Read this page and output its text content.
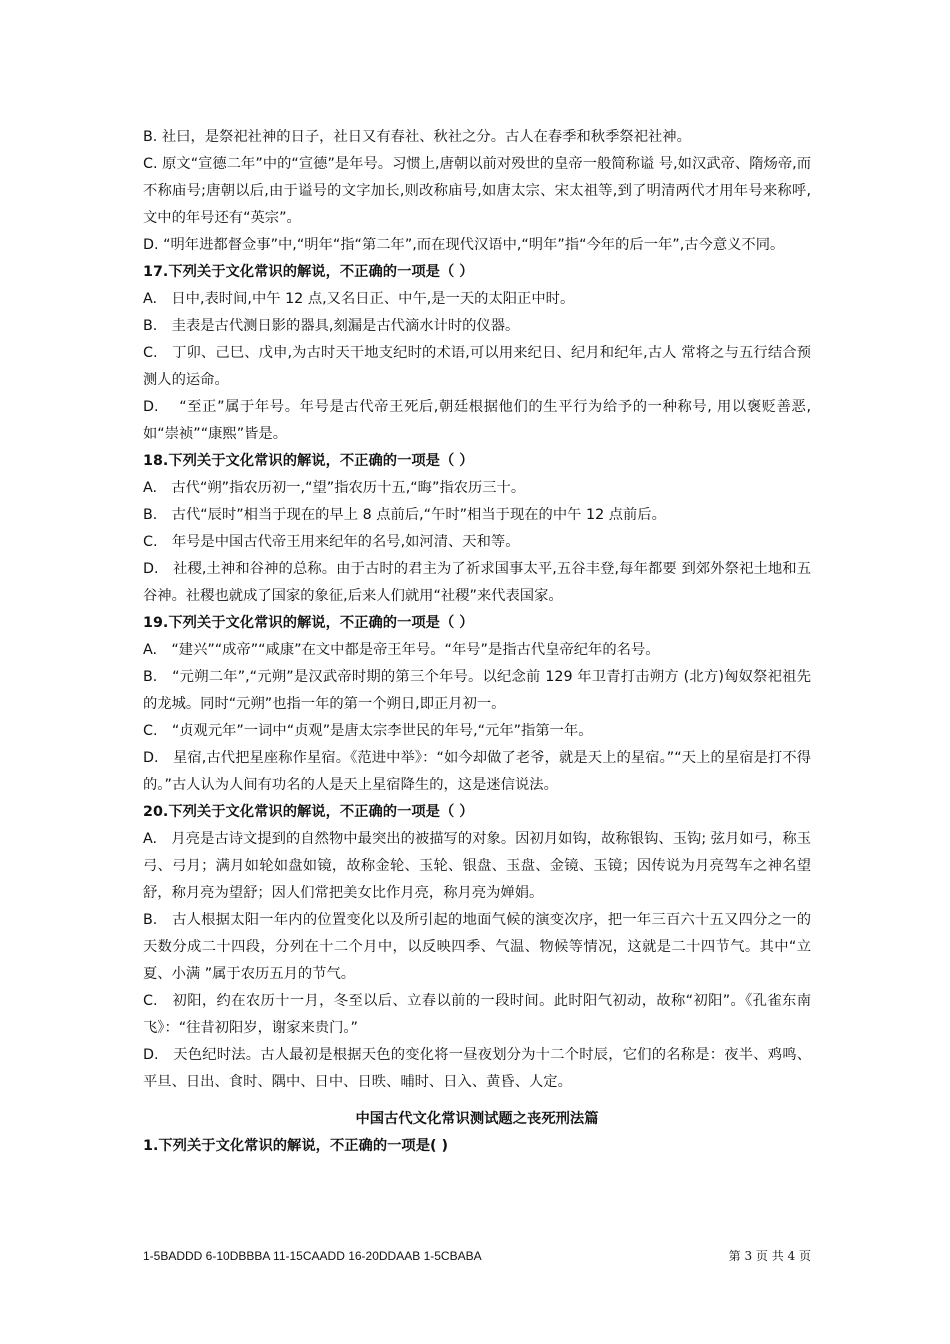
B. 社曰，是祭祀社神的日子，社日又有春社、秋社之分。古人在春季和秋季祭祀社神。

C. 原文“宣德二年”中的“宣德”是年号。习惯上,唐朝以前对殁世的皇帝一般简称谥 号,如汉武帝、隋炀帝,而不称庙号;唐朝以后,由于谥号的文字加长,则改称庙号,如唐太宗、宋太祖等,到了明清两代才用年号来称呼,文中的年号还有“英宗”。

D. “明年进都督佥事”中,“明年“指“第二年”,而在现代汉语中,“明年”指“今年的后一年”,古今意义不同。

17.下列关于文化常识的解说，不正确的一项是（ ）

A.　日中,表时间,中午 12 点,又名日正、中午,是一天的太阳正中时。

B.　圭表是古代测日影的器具,刻漏是古代滴水计时的仪器。

C.　丁卯、己巳、戊申,为古时天干地支纪时的术语,可以用来纪日、纪月和纪年,古人 常将之与五行结合预测人的运命。

D.　 “至正”属于年号。年号是古代帝王死后,朝廷根据他们的生平行为给予的一种称号, 用以褒贬善恶,如“崇祯”“康熙”皆是。

18.下列关于文化常识的解说，不正确的一项是（ ）

A.　古代“朔”指农历初一,“望”指农历十五,“晦”指农历三十。

B.　古代“辰时”相当于现在的早上 8 点前后,“午时”相当于现在的中午 12 点前后。

C.　年号是中国古代帝王用来纪年的名号,如河清、天和等。

D.　社稷,土神和谷神的总称。由于古时的君主为了祈求国事太平,五谷丰登,每年都要 到郊外祭祀土地和五谷神。社稷也就成了国家的象征,后来人们就用“社稷”来代表国家。

19.下列关于文化常识的解说，不正确的一项是（ ）

A.　“建兴”“成帝”“咸康”在文中都是帝王年号。“年号”是指古代皇帝纪年的名号。

B.　“元朔二年”,“元朔”是汉武帝时期的第三个年号。以纪念前 129 年卫青打击朔方 (北方)匈奴祭祀祖先的龙城。同时“元朔”也指一年的第一个朔日,即正月初一。

C.　“贞观元年”一词中“贞观”是唐太宗李世民的年号,“元年”指第一年。

D.　星宿,古代把星座称作星宿。《范进中举》：“如今却做了老爷，就是天上的星宿。”“天上的星宿是打不得的。”古人认为人间有功名的人是天上星宿降生的，这是迷信说法。

20.下列关于文化常识的解说，不正确的一项是（ ）

A.　月亮是古诗文提到的自然物中最突出的被描写的对象。因初月如钩，故称银钩、玉钩; 弦月如弓，称玉弓、弓月；满月如轮如盘如镜，故称金轮、玉轮、银盘、玉盘、金镜、玉镜；因传说为月亮驾车之神名望舒，称月亮为望舒；因人们常把美女比作月亮，称月亮为婵娟。

B.　古人根据太阳一年内的位置变化以及所引起的地面气候的演变次序，把一年三百六十五又四分之一的天数分成二十四段，分列在十二个月中，以反映四季、气温、物候等情况，这就是二十四节气。其中“立夏、小满 ”属于农历五月的节气。

C.　初阳，约在农历十一月，冬至以后、立春以前的一段时间。此时阳气初动，故称“初阳”。《孔雀东南飞》：“往昔初阳岁，谢家来贵门。”

D.　天色纪时法。古人最初是根据天色的变化将一昼夜划分为十二个时辰，它们的名称是：夜半、鸡鸣、平旦、日出、食时、隅中、日中、日昳、晡时、日入、黄昏、人定。

中国古代文化常识测试题之丧死刑法篇

1.下列关于文化常识的解说，不正确的一项是( )

1-5BADDD 6-10DBBBA 11-15CAADD 16-20DDAAB 1-5CBABA	第 3 页 共 4 页
